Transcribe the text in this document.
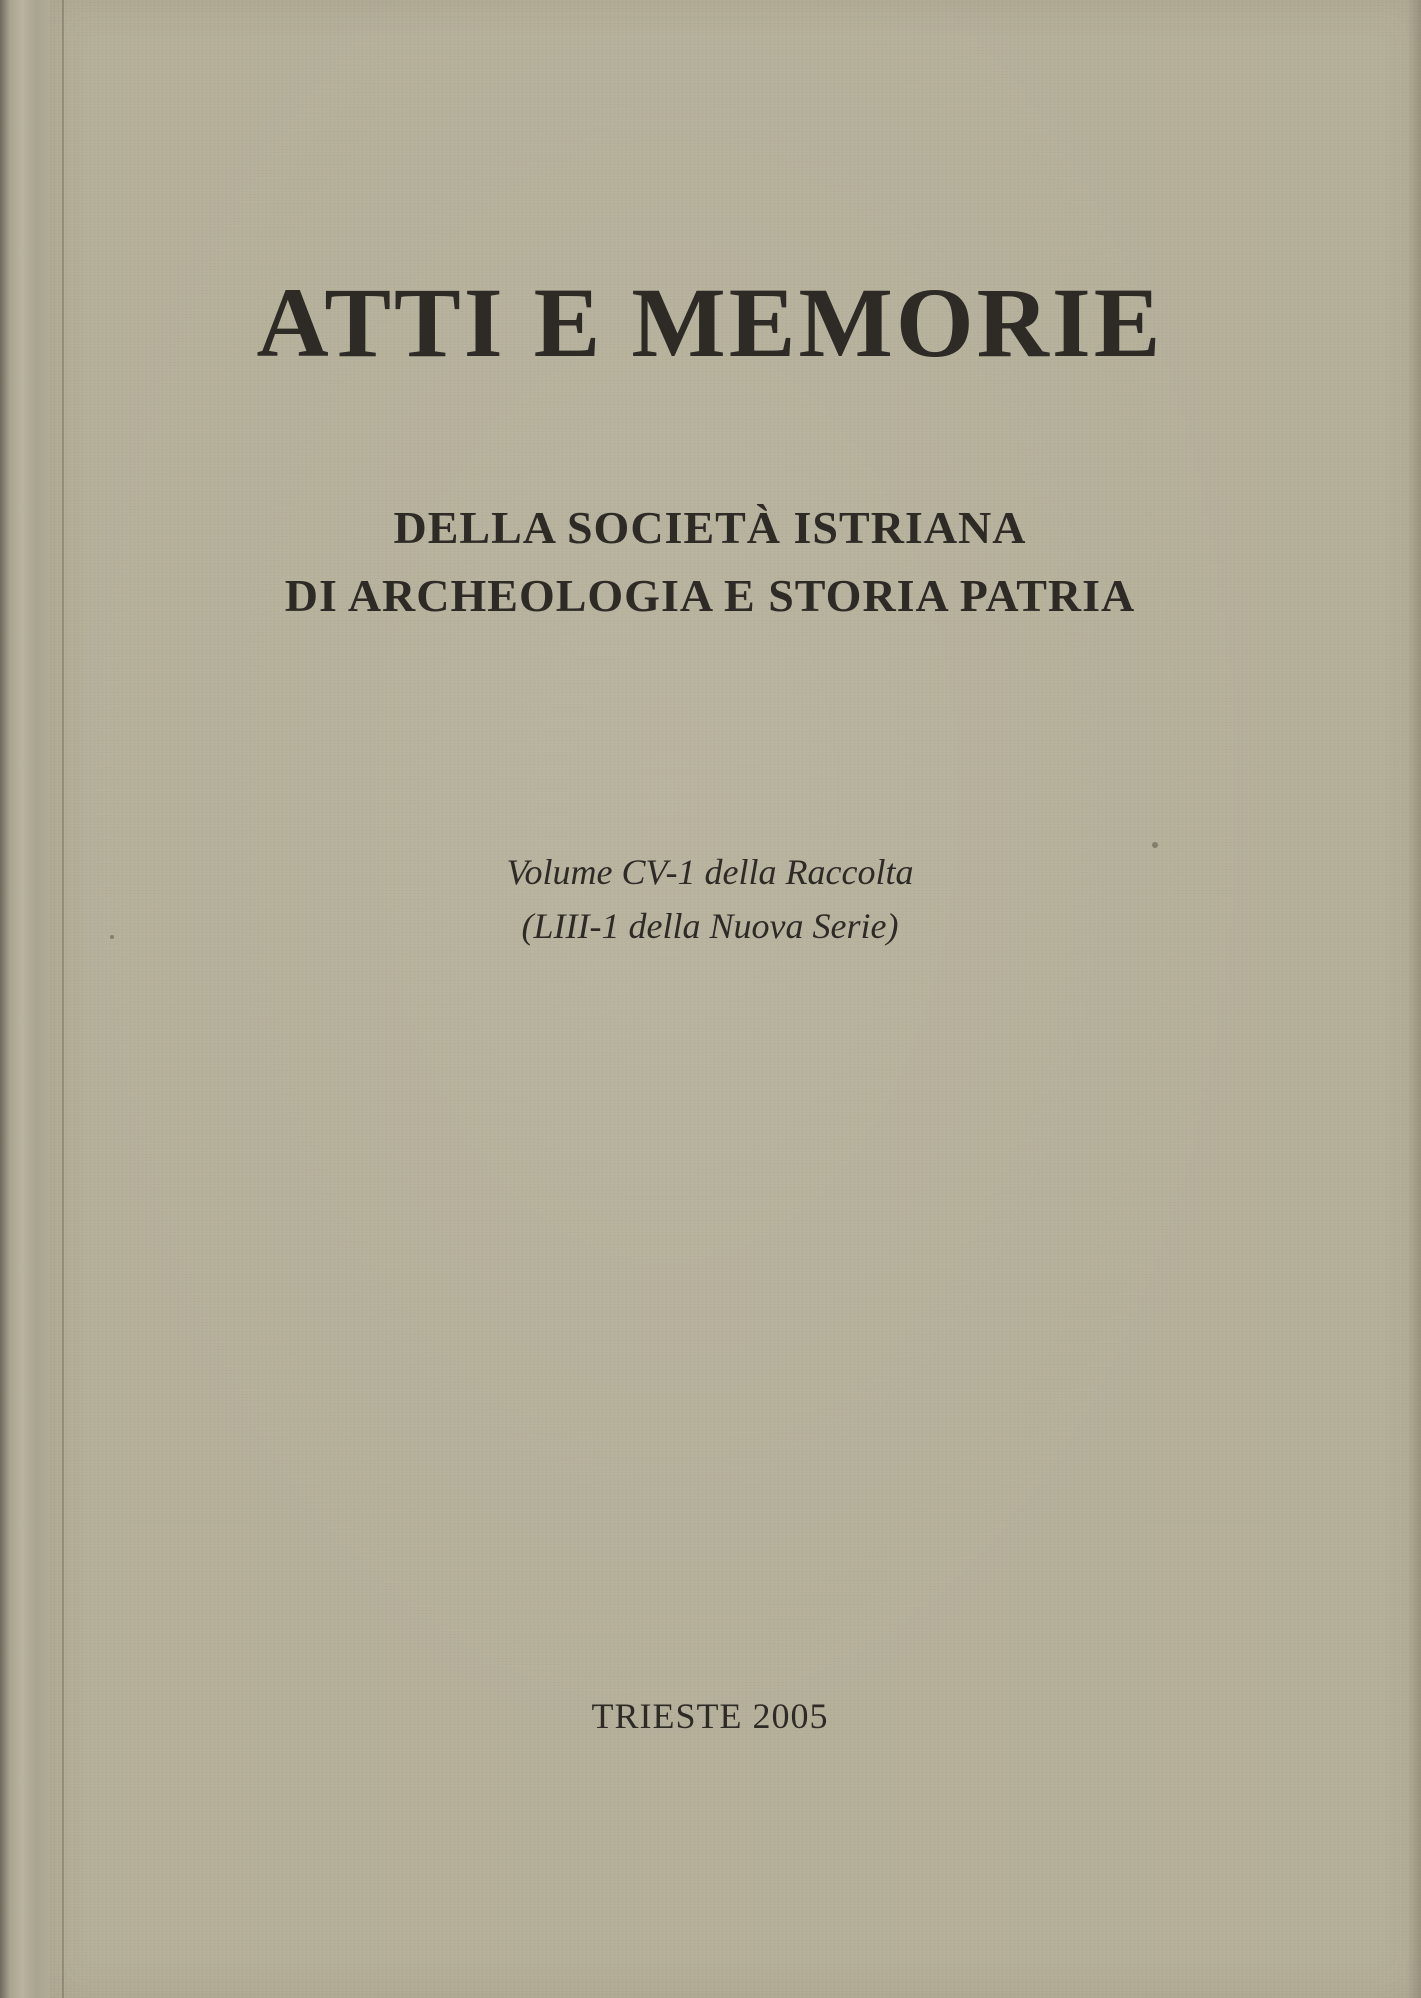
ATTI E MEMORIE
DELLA SOCIETÀ ISTRIANA
DI ARCHEOLOGIA E STORIA PATRIA
Volume CV-1 della Raccolta
(LIII-1 della Nuova Serie)
TRIESTE 2005
